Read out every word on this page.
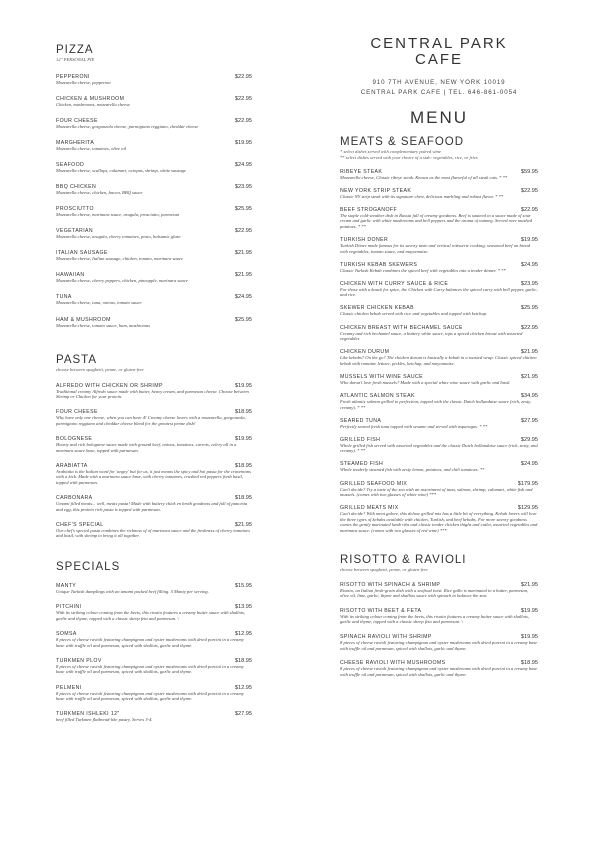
PIZZA
12" PERSONAL PIE
PEPPERONI	$22.95
Mozzarella cheese, pepperoni
CHICKEN & MUSHROOM	$22.95
Chicken, mushrooms, mozzarella cheese
FOUR CHEESE	$22.95
Mozzarella cheese, gorgonzola cheese, parmigiano reggiano, cheddar cheese
MARGHERITA	$19.95
Mozzarella cheese, tomatoes, olive oil
SEAFOOD	$24.95
Mozzarella cheese, scallops, calamari, octopus, shrimp, white sausage
BBQ CHICKEN	$23.95
Mozzarella cheese, chicken, bacon, BBQ sauce
PROSCIUTTO	$25.95
Mozzarella cheese, marinara sauce, arugula, prosciutto, parmesan
VEGETARIAN	$22.95
Mozzarella cheese, arugula, cherry tomatoes, pesto, balsamic glaze
ITALIAN SAUSAGE	$21.95
Mozzarella cheese, Italian sausage, chicken, tomato, marinara sauce
HAWAIIAN	$21.95
Mozzarella cheese, cherry peppers, chicken, pineapple, marinara sauce
TUNA	$24.95
Mozzarella cheese, tuna, onions, tomato sauce
HAM & MUSHROOM	$25.95
Mozzarella cheese, tomato sauce, ham, mushrooms
PASTA
choose between spaghetti, penne, or gluten-free
ALFREDO WITH CHICKEN OR SHRIMP	$19.95
Traditional creamy Alfredo sauce made with butter, heavy cream, and parmesan cheese. Choose between Shrimp or Chicken for your protein.
FOUR CHEESE	$18.95
Why have only one cheese, when you can have 4! Creamy cheese lovers with a mozzarella, gorgonzola, parmigiano reggiano and cheddar cheese blend for the greatest penne dish!
BOLOGNESE	$19.95
Hearty and rich bolognese sauce made with ground beef, onions, tomatoes, carrots, celery all in a marinara sauce base, topped with parmesan.
ARABIATTA	$18.95
Arabiatta is the Italian word for 'angry' but for us, it just means the spicy and hot pasta for the cravemans with a kick. Made with a marinara sauce base, with cherry tomatoes, crushed red peppers fresh basil, topped with parmesan.
CARBONARA	$18.95
Umami filled meats... well, meats pasta! Made with buttery chick en broth goodness and full of pancetta and egg, this protein rich pasta is topped with parmesan.
CHEF'S SPECIAL	$21.95
Our chef's special pasta combines the richness of of marinara sauce and the freshness of cherry tomatoes and basil, with shrimp to bring it all together.
SPECIALS
MANTY	$15.95
Unique Turkish dumplings with an umami packed beef filling. 5 Manty per serving.
PITCHINI	$13.95
With its striking colour coming from the beets, this risotto features a creamy butter sauce with shallots, garlic and thyme, topped with a classic sheep feta and parmesan. \
SOMSA	$12.95
8 pieces of cheese ravioli featuring champignon and oyster mushrooms with dried porcini in a creamy base with truffle oil and parmesan, spiced with shallots, garlic and thyme.
TURKMEN PLOV	$18.95
8 pieces of cheese ravioli featuring champignon and oyster mushrooms with dried porcini in a creamy base with truffle oil and parmesan, spiced with shallots, garlic and thyme.
PELMENI	$12.95
8 pieces of cheese ravioli featuring champignon and oyster mushrooms with dried porcini in a creamy base with truffle oil and parmesan, spiced with shallots, garlic and thyme.
TURKMEN ISHLEKI 12"	$27.95
beef filled Turkmen flatbread-like pastry. Serves 3-4.
CENTRAL PARK
CAFE
910 7TH AVENUE, NEW YORK 10019
CENTRAL PARK CAFE | TEL. 646-861-0054
MENU
MEATS & SEAFOOD
* select dishes served with complementary paired wine
** select dishes served with your choice of a side: vegetables, rice, or fries
RIBEYE STEAK	$59.95
Mozzarella cheese, Classic ribeye steak. Known as the most flavorful of all steak cuts. * **
NEW YORK STRIP STEAK	$22.95
Classic NY strip steak with its signature chew, delicious marbling and robust flavor. * **
BEEF STROGANOFF	$22.95
The staple cold-weather dish in Russia full of creamy goodness. Beef is sauteed in a sauce made of sour cream and garlic with white mushrooms and bell peppers and the aroma of nutmeg. Served over mashed potatoes. * **
TURKISH DONER	$19.95
Turkish Döner made famous for its savory taste and vertical rotisserie cooking, seasoned beef on bread with vegetables, tomato sauce, and mayonnaise.
TURKISH KEBAB SKEWERS	$24.95
Classic Turkish Kebab combines the spiced beef with vegetables into a tender dinner. * **
CHICKEN WITH CURRY SAUCE & RICE	$23.95
For those with a knack for spice, the Chicken with Curry balances the spiced curry with bell pepper, garlic, and rice.
SKEWER CHICKEN KEBAB	$25.95
Classic chicken kebab served with rice and vegetables and topped with ketchup.
CHICKEN BREAST WITH BECHAMEL SAUCE	$22.95
Creamy and rich bechamel sauce, a buttery white sauce, tops a spiced chicken breast with assorted vegetables
CHICKEN DURUM	$21.95
Like kebabs? On the go? The chicken durum is basically a kebab in a toasted wrap. Classic spiced chicken kebab with romaine lettuce, pickles, ketchup, and mayonnaise.
MUSSELS WITH WINE SAUCE	$21.95
Who doesn't love fresh mussels? Made with a special white wine sauce with garlic and basil.
ATLANTIC SALMON STEAK	$34.95
Fresh atlantic salmon grilled to perfection, topped with the classic Dutch hollandaise sauce (rich, zesty, creamy). * **
SEARED TUNA	$27.95
Perfectly seared fresh tuna topped with sesame and served with asparagus. * **
GRILLED FISH	$29.95
Whole grilled fish served with assorted vegetables and the classic Dutch hollandaise sauce (rich, zesty, and creamy). * **
STEAMED FISH	$24.95
Whole tenderly steamed fish with zesty lemon, potatoes, and chili tomatoes. **
GRILLED SEAFOOD MIX	$179.95
Can't decide? Try a taste of the sea with an assortment of tuna, salmon, shrimp, calamari, white fish and mussels. (comes with two glasses of white wine) ***
GRILLED MEATS MIX	$129.95
Can't decide? With meat galore, this deluxe grilled mix has a little bit of everything. Kebab lovers will love the three types of kebabs available with chicken, Turkish, and beef kebabs. For more savory goodness comes the gently marinated lamb ribs and classic tender chicken thighs and cutlet, assorted vegetables and marinara sauce. (comes with two glasses of red wine) ***
RISOTTO & RAVIOLI
choose between spaghetti, penne, or gluten-free
RISOTTO WITH SPINACH & SHRIMP	$21.95
Risotto, an Italian fresh-grain dish with a seafood twist. Rice gallo is marinated in a butter, parmesan, olive oil, lime, garlic, thyme and shallots sauce with spinach to balance the zest.
RISOTTO WITH BEET & FETA	$19.95
With its striking colour coming from the beets, this risotto features a creamy butter sauce with shallots, garlic and thyme, topped with a classic sheep feta and parmesan. \
SPINACH RAVIOLI WITH SHRIMP	$19.95
8 pieces of cheese ravioli featuring champignon and oyster mushrooms with dried porcini in a creamy base with truffle oil and parmesan, spiced with shallots, garlic and thyme.
CHEESE RAVIOLI WITH MUSHROOMS	$18.95
8 pieces of cheese ravioli featuring champignon and oyster mushrooms with dried porcini in a creamy base with truffle oil and parmesan, spiced with shallots, garlic and thyme.
